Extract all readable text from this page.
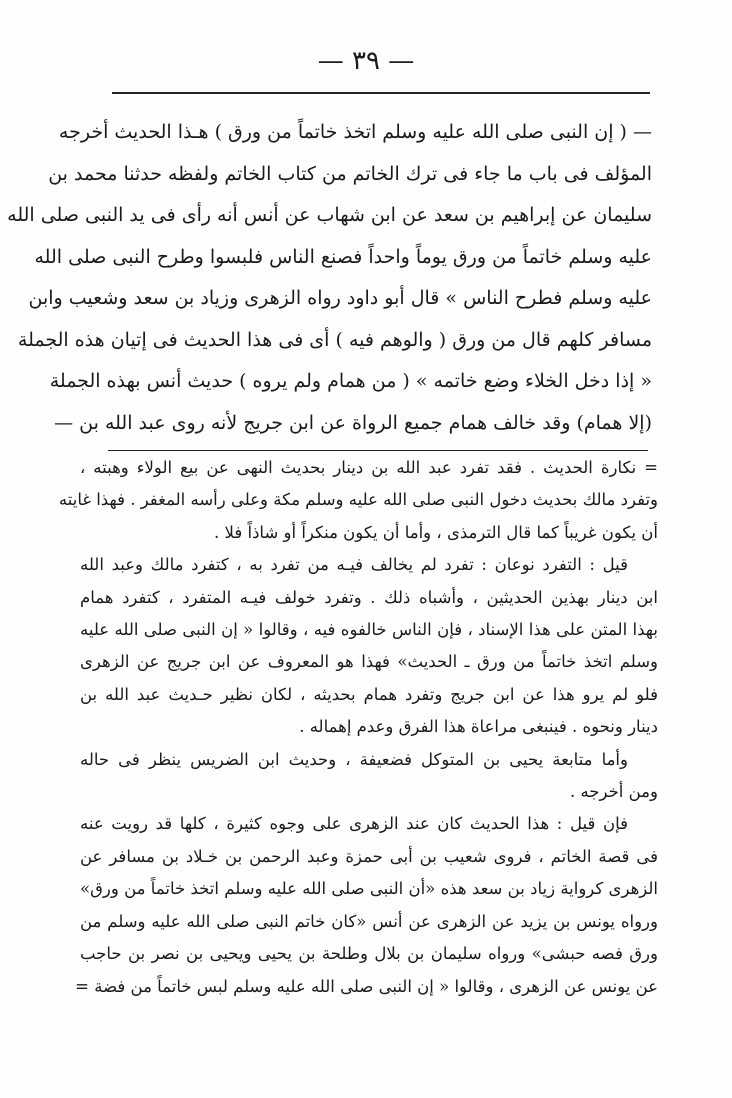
— ٣٩ —
— ( إن النبى صلى الله عليه وسلم اتخذ خاتماً من ورق ) هـذا الحديث أخرجه
المؤلف فى باب ما جاء فى ترك الخاتم من كتاب الخاتم ولفظه حدثنا محمد بن
سليمان عن إبراهيم بن سعد عن ابن شهاب عن أنس أنه رأى فى يد النبى صلى الله
عليه وسلم خاتماً من ورق يوماً واحداً فصنع الناس فلبسوا وطرح النبى صلى الله
عليه وسلم فطرح الناس » قال أبو داود رواه الزهرى وزياد بن سعد وشعيب وابن
مسافر كلهم قال من ورق ( والوهم فيه ) أى فى هذا الحديث فى إتيان هذه الجملة
« إذا دخل الخلاء وضع خاتمه » ( من همام ولم يروه ) حديث أنس بهذه الجملة
(إلا همام) وقد خالف همام جميع الرواة عن ابن جريج لأنه روى عبد الله بن —
= نكارة الحديث . فقد تفرد عبد الله بن دينار بحديث النهى عن بيع الولاء وهبته ،
وتفرد مالك بحديث دخول النبى صلى الله عليه وسلم مكة وعلى رأسه المغفر . فهذا غايته
أن يكون غريباً كما قال الترمذى ، وأما أن يكون منكراً أو شاذاً فلا .
قيل : التفرد نوعان : تفرد لم يخالف فيـه من تفرد به ، كتفرد مالك وعبد الله
ابن دينار بهذين الحديثين ، وأشباه ذلك . وتفرد خولف فيـه المتفرد ، كتفرد همام
بهذا المتن على هذا الإسناد ، فإن الناس خالفوه فيه ، وقالوا « إن النبى صلى الله عليه
وسلم اتخذ خاتماً من ورق ـ الحديث» فهذا هو المعروف عن ابن جريج عن الزهرى
فلو لم يرو هذا عن ابن جريج وتفرد همام بحديثه ، لكان نظير حـديث عبد الله بن
دينار ونحوه . فينبغى مراعاة هذا الفرق وعدم إهماله .
وأما متابعة يحيى بن المتوكل فضعيفة ، وحديث ابن الضريس ينظر فى حاله
ومن أخرجه .
فإن قيل : هذا الحديث كان عند الزهرى على وجوه كثيرة ، كلها قد رويت عنه
فى قصة الخاتم ، فروى شعيب بن أبى حمزة وعبد الرحمن بن خـلاد بن مسافر عن
الزهرى كرواية زياد بن سعد هذه «أن النبى صلى الله عليه وسلم اتخذ خاتماً من ورق»
ورواه يونس بن يزيد عن الزهرى عن أنس «كان خاتم النبى صلى الله عليه وسلم من
ورق فصه حبشى» ورواه سليمان بن بلال وطلحة بن يحيى ويحيى بن نصر بن حاجب
عن يونس عن الزهرى ، وقالوا « إن النبى صلى الله عليه وسلم لبس خاتماً من فضة =
